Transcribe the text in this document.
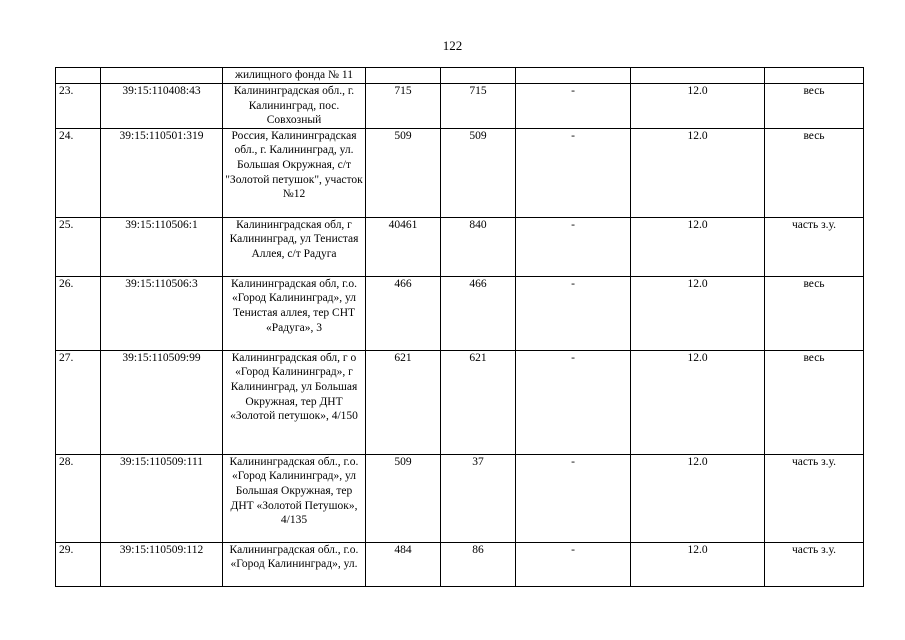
122
		жилищного фонда № 11					
23.	39:15:110408:43	Калининградская обл., г. Калининград, пос. Совхозный	715	715	-	12.0	весь
24.	39:15:110501:319	Россия, Калининградская обл., г. Калининград, ул. Большая Окружная, с/т "Золотой петушок", участок №12	509	509	-	12.0	весь
25.	39:15:110506:1	Калининградская обл, г Калининград, ул Тенистая Аллея, с/т Радуга	40461	840	-	12.0	часть з.у.
26.	39:15:110506:3	Калининградская обл, г.о. «Город Калининград», ул Тенистая аллея, тер СНТ «Радуга», 3	466	466	-	12.0	весь
27.	39:15:110509:99	Калининградская обл, г о «Город Калининград», г Калининград, ул Большая Окружная, тер ДНТ «Золотой петушок», 4/150	621	621	-	12.0	весь
28.	39:15:110509:111	Калининградская обл., г.о. «Город Калининград», ул Большая Окружная, тер ДНТ «Золотой Петушок», 4/135	509	37	-	12.0	часть з.у.
29.	39:15:110509:112	Калининградская обл., г.о. «Город Калининград», ул.	484	86	-	12.0	часть з.у.
